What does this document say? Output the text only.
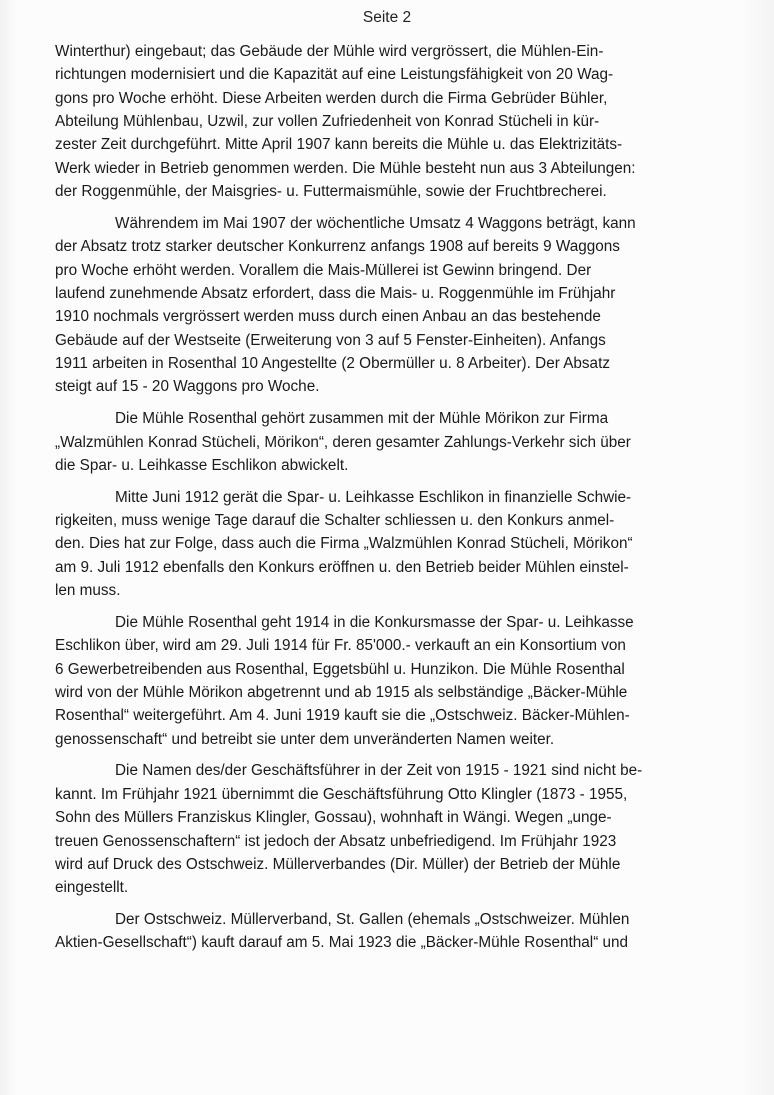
Seite 2
Winterthur) eingebaut; das Gebäude der Mühle wird vergrössert, die Mühlen-Ein-
richtungen modernisiert und die Kapazität auf eine Leistungsfähigkeit von 20 Wag-
gons pro Woche erhöht. Diese Arbeiten werden durch die Firma Gebrüder Bühler,
Abteilung Mühlenbau, Uzwil, zur vollen Zufriedenheit von Konrad Stücheli in kür-
zester Zeit durchgeführt. Mitte April 1907 kann bereits die Mühle u. das Elektrizitäts-
Werk wieder in Betrieb genommen werden. Die Mühle besteht nun aus 3 Abteilungen:
der Roggenmühle, der Maisgries- u. Futtermaismühle, sowie der Fruchtbrecherei.
Währendem im Mai 1907 der wöchentliche Umsatz 4 Waggons beträgt, kann
der Absatz trotz starker deutscher Konkurrenz anfangs 1908 auf bereits 9 Waggons
pro Woche erhöht werden. Vorallem die Mais-Müllerei ist Gewinn bringend. Der
laufend zunehmende Absatz erfordert, dass die Mais- u. Roggenmühle im Frühjahr
1910 nochmals vergrössert werden muss durch einen Anbau an das bestehende
Gebäude auf der Westseite (Erweiterung von 3 auf 5 Fenster-Einheiten). Anfangs
1911 arbeiten in Rosenthal 10 Angestellte (2 Obermüller u. 8 Arbeiter). Der Absatz
steigt auf 15 - 20 Waggons pro Woche.
Die Mühle Rosenthal gehört zusammen mit der Mühle Mörikon zur Firma
„Walzmühlen Konrad Stücheli, Mörikon“, deren gesamter Zahlungs-Verkehr sich über
die Spar- u. Leihkasse Eschlikon abwickelt.
Mitte Juni 1912 gerät die Spar- u. Leihkasse Eschlikon in finanzielle Schwie-
rigkeiten, muss wenige Tage darauf die Schalter schliessen u. den Konkurs anmel-
den. Dies hat zur Folge, dass auch die Firma „Walzmühlen Konrad Stücheli, Mörikon“
am 9. Juli 1912 ebenfalls den Konkurs eröffnen u. den Betrieb beider Mühlen einstel-
len muss.
Die Mühle Rosenthal geht 1914 in die Konkursmasse der Spar- u. Leihkasse
Eschlikon über, wird am 29. Juli 1914 für Fr. 85'000.- verkauft an ein Konsortium von
6 Gewerbetreibenden aus Rosenthal, Eggetsbühl u. Hunzikon. Die Mühle Rosenthal
wird von der Mühle Mörikon abgetrennt und ab 1915 als selbständige „Bäcker-Mühle
Rosenthal“ weitergeführt. Am 4. Juni 1919 kauft sie die „Ostschweiz. Bäcker-Mühlen-
genossenschaft“ und betreibt sie unter dem unveränderten Namen weiter.
Die Namen des/der Geschäftsführer in der Zeit von 1915 - 1921 sind nicht be-
kannt. Im Frühjahr 1921 übernimmt die Geschäftsführung Otto Klingler (1873 - 1955,
Sohn des Müllers Franziskus Klingler, Gossau), wohnhaft in Wängi. Wegen „unge-
treuen Genossenschaftern“ ist jedoch der Absatz unbefriedigend. Im Frühjahr 1923
wird auf Druck des Ostschweiz. Müllerverbandes (Dir. Müller) der Betrieb der Mühle
eingestellt.
Der Ostschweiz. Müllerverband, St. Gallen (ehemals „Ostschweizer. Mühlen
Aktien-Gesellschaft“) kauft darauf am 5. Mai 1923 die „Bäcker-Mühle Rosenthal“ und
